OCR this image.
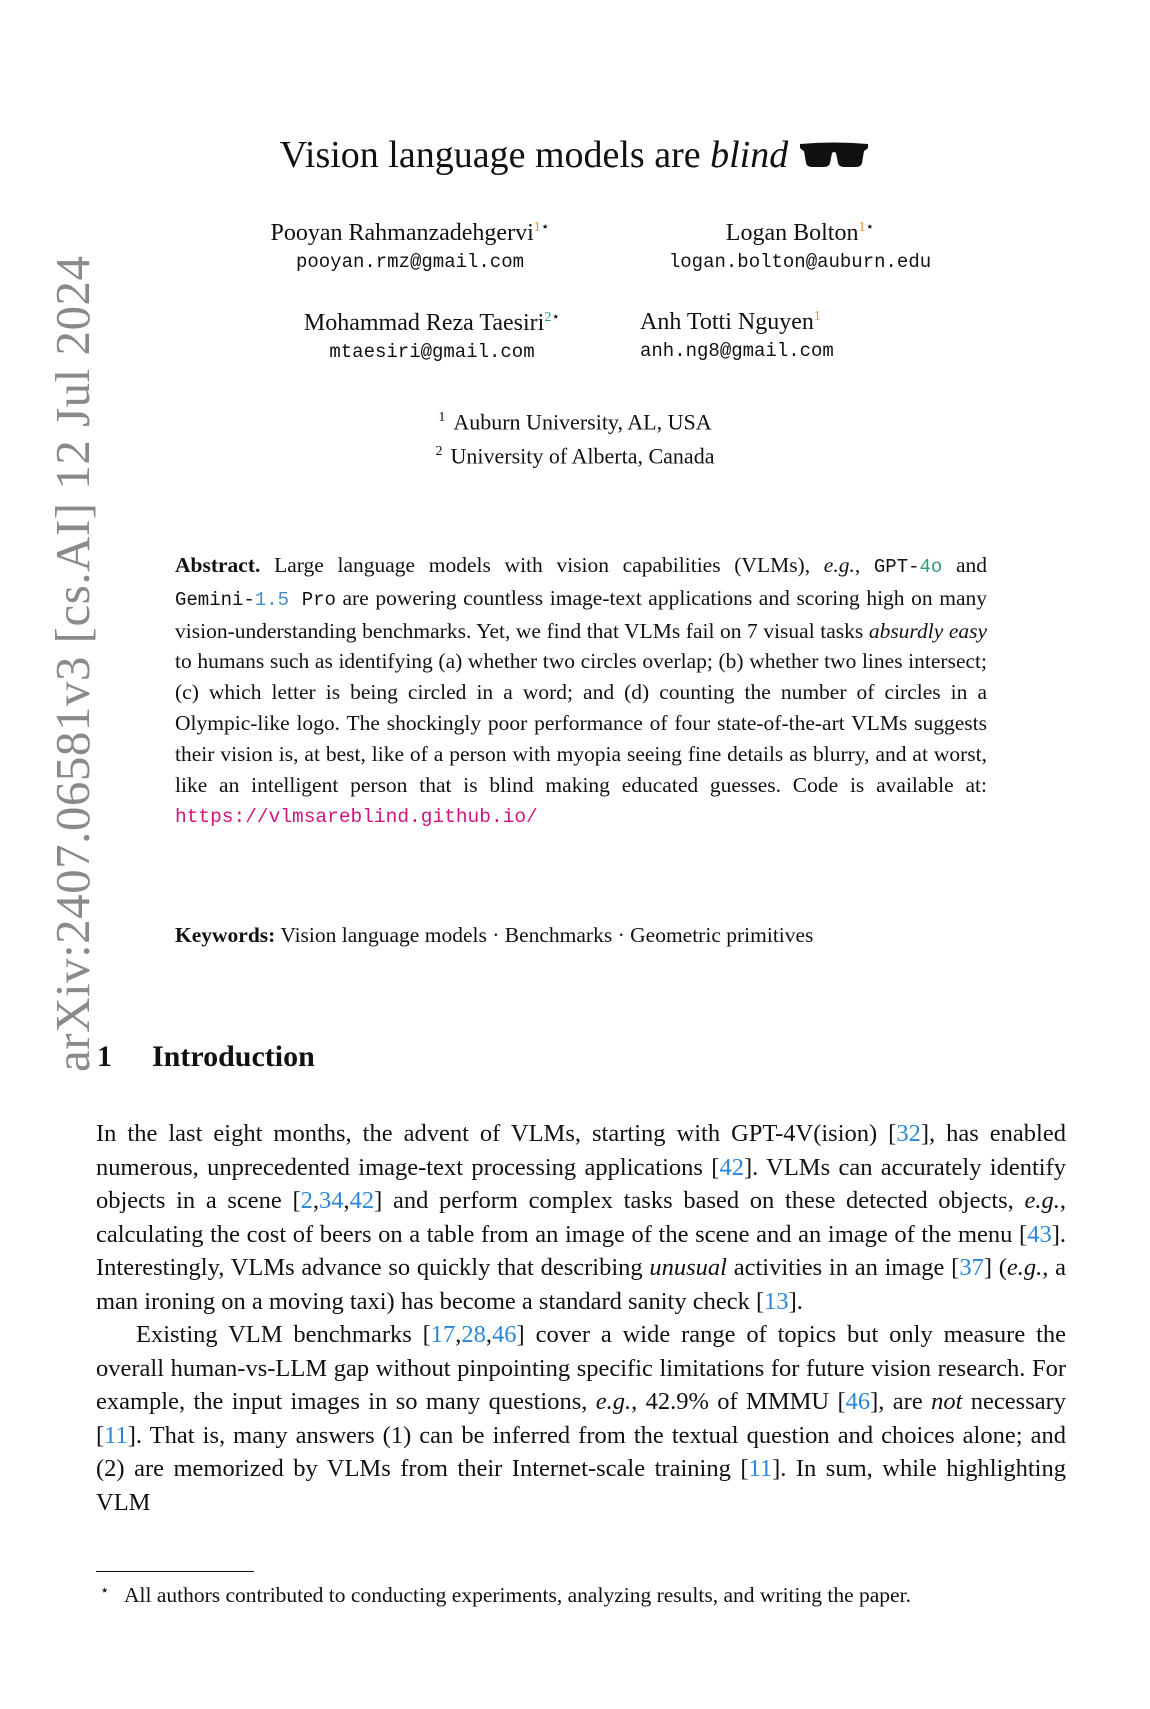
arXiv:2407.06581v3 [cs.AI] 12 Jul 2024
Vision language models are blind
Pooyan Rahmanzadehgervi$^{1⋆}$
pooyan.rmz@gmail.com
Logan Bolton$^{1⋆}$
logan.bolton@auburn.edu
Mohammad Reza Taesiri$^{2⋆}$
mtaesiri@gmail.com
Anh Totti Nguyen$^1$
anh.ng8@gmail.com
$^1$ Auburn University, AL, USA
$^2$ University of Alberta, Canada
Abstract. Large language models with vision capabilities (VLMs), e.g., GPT-4o and Gemini-1.5 Pro are powering countless image-text applications and scoring high on many vision-understanding benchmarks. Yet, we find that VLMs fail on 7 visual tasks absurdly easy to humans such as identifying (a) whether two circles overlap; (b) whether two lines intersect; (c) which letter is being circled in a word; and (d) counting the number of circles in a Olympic-like logo. The shockingly poor performance of four state-of-the-art VLMs suggests their vision is, at best, like of a person with myopia seeing fine details as blurry, and at worst, like an intelligent person that is blind making educated guesses. Code is available at: https://vlmsareblind.github.io/
Keywords: Vision language models · Benchmarks · Geometric primitives
1 Introduction

In the last eight months, the advent of VLMs, starting with GPT-4V(ision) [32], has enabled numerous, unprecedented image-text processing applications [42]. VLMs can accurately identify objects in a scene [2,34,42] and perform complex tasks based on these detected objects, e.g., calculating the cost of beers on a table from an image of the scene and an image of the menu [43]. Interestingly, VLMs advance so quickly that describing unusual activities in an image [37] (e.g., a man ironing on a moving taxi) has become a standard sanity check [13].

Existing VLM benchmarks [17,28,46] cover a wide range of topics but only measure the overall human-vs-LLM gap without pinpointing specific limitations for future vision research. For example, the input images in so many questions, e.g., 42.9% of MMMU [46], are not necessary [11]. That is, many answers (1) can be inferred from the textual question and choices alone; and (2) are memorized by VLMs from their Internet-scale training [11]. In sum, while highlighting VLM

⋆ All authors contributed to conducting experiments, analyzing results, and writing the paper.
